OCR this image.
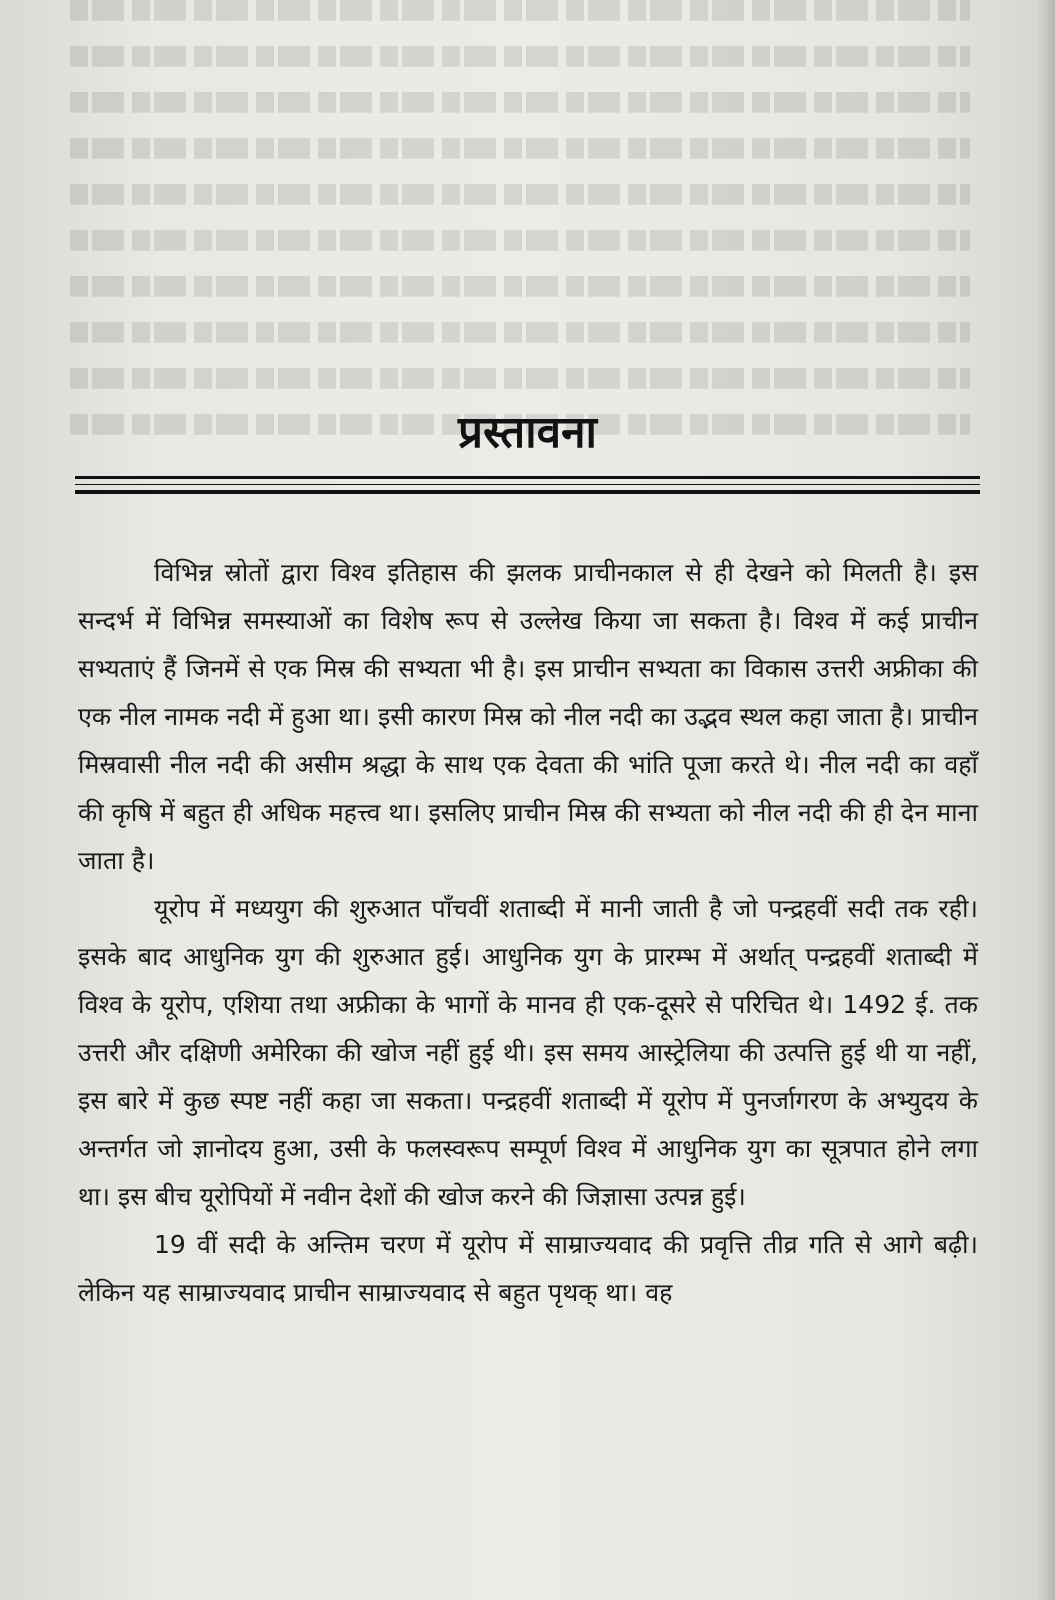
प्रस्तावना

विभिन्न स्रोतों द्वारा विश्व इतिहास की झलक प्राचीनकाल से ही देखने को मिलती है। इस सन्दर्भ में विभिन्न समस्याओं का विशेष रूप से उल्लेख किया जा सकता है। विश्व में कई प्राचीन सभ्यताएं हैं जिनमें से एक मिस्र की सभ्यता भी है। इस प्राचीन सभ्यता का विकास उत्तरी अफ्रीका की एक नील नामक नदी में हुआ था। इसी कारण मिस्र को नील नदी का उद्भव स्थल कहा जाता है। प्राचीन मिस्रवासी नील नदी की असीम श्रद्धा के साथ एक देवता की भांति पूजा करते थे। नील नदी का वहाँ की कृषि में बहुत ही अधिक महत्त्व था। इसलिए प्राचीन मिस्र की सभ्यता को नील नदी की ही देन माना जाता है।

यूरोप में मध्ययुग की शुरुआत पाँचवीं शताब्दी में मानी जाती है जो पन्द्रहवीं सदी तक रही। इसके बाद आधुनिक युग की शुरुआत हुई। आधुनिक युग के प्रारम्भ में अर्थात् पन्द्रहवीं शताब्दी में विश्व के यूरोप, एशिया तथा अफ्रीका के भागों के मानव ही एक-दूसरे से परिचित थे। 1492 ई. तक उत्तरी और दक्षिणी अमेरिका की खोज नहीं हुई थी। इस समय आस्ट्रेलिया की उत्पत्ति हुई थी या नहीं, इस बारे में कुछ स्पष्ट नहीं कहा जा सकता। पन्द्रहवीं शताब्दी में यूरोप में पुनर्जागरण के अभ्युदय के अन्तर्गत जो ज्ञानोदय हुआ, उसी के फलस्वरूप सम्पूर्ण विश्व में आधुनिक युग का सूत्रपात होने लगा था। इस बीच यूरोपियों में नवीन देशों की खोज करने की जिज्ञासा उत्पन्न हुई।

19 वीं सदी के अन्तिम चरण में यूरोप में साम्राज्यवाद की प्रवृत्ति तीव्र गति से आगे बढ़ी। लेकिन यह साम्राज्यवाद प्राचीन साम्राज्यवाद से बहुत पृथक् था। वह
